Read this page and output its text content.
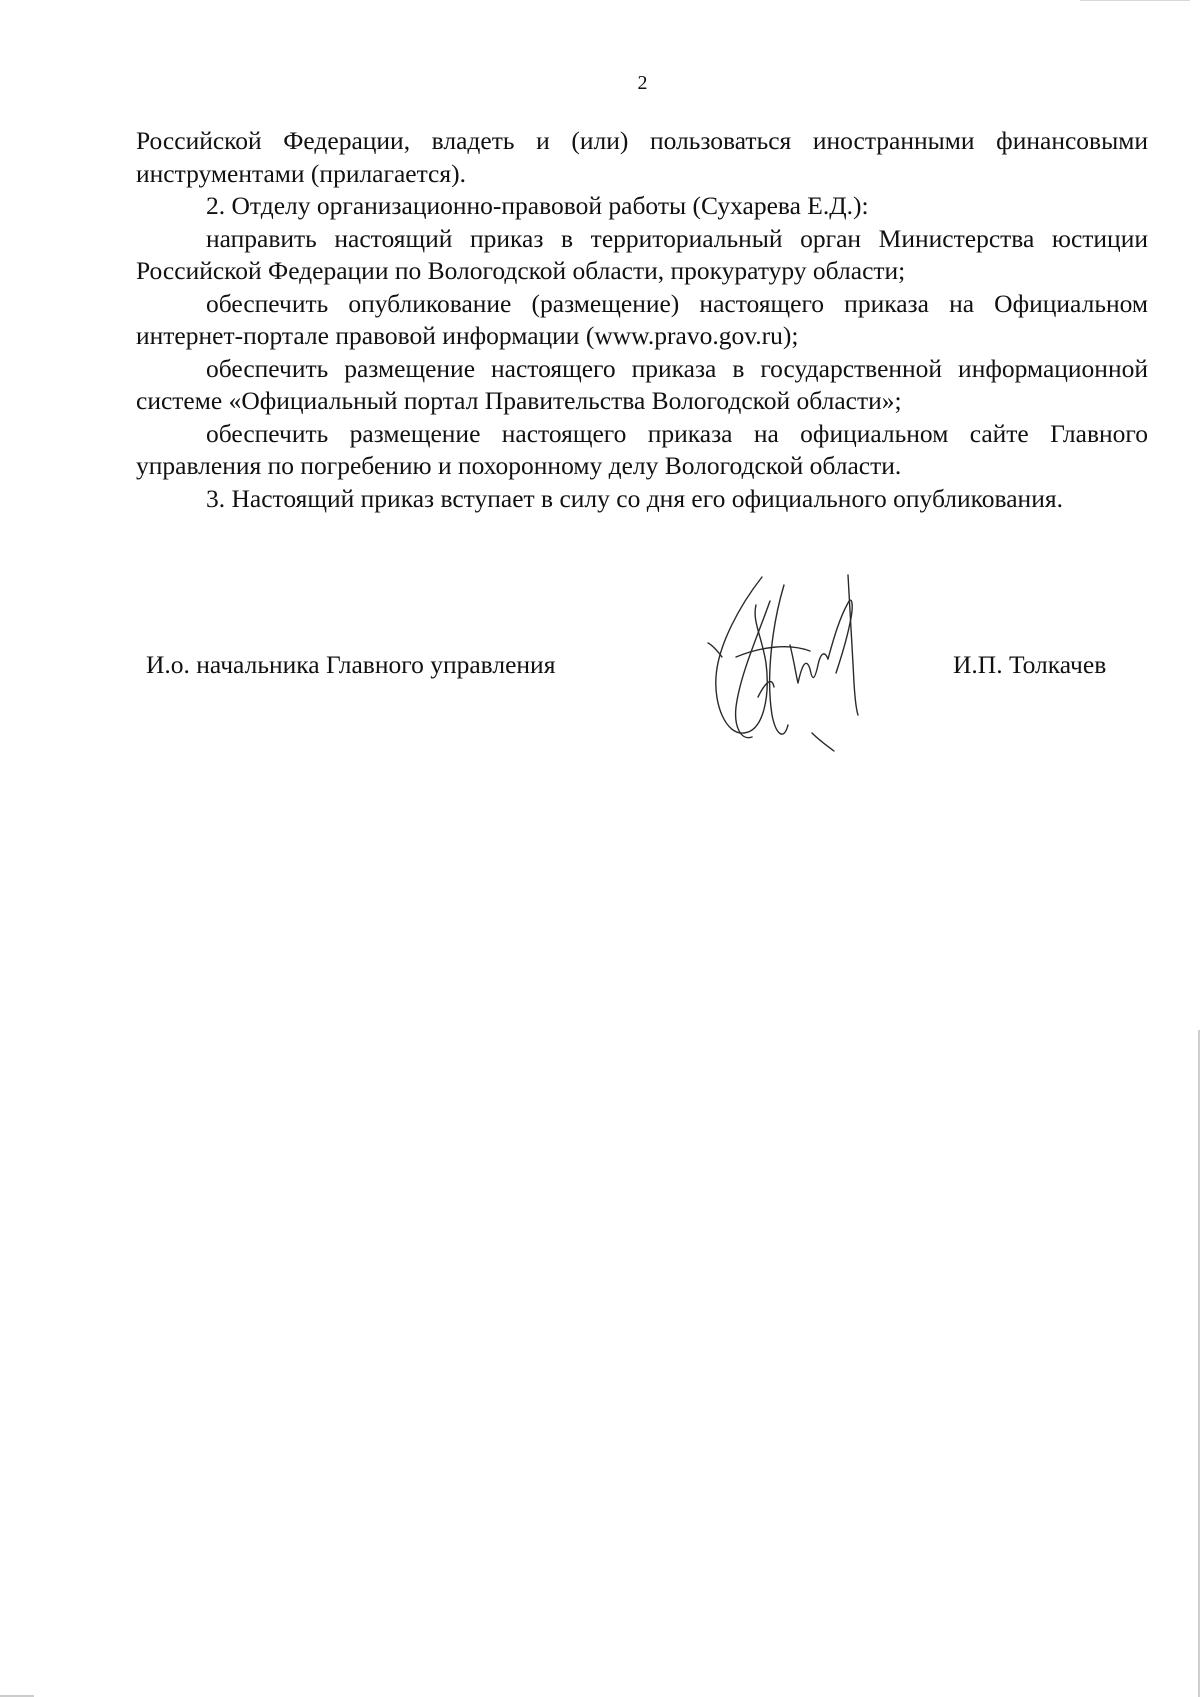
2

Российской Федерации, владеть и (или) пользоваться иностранными финансовыми инструментами (прилагается).

2. Отделу организационно-правовой работы (Сухарева Е.Д.):

направить настоящий приказ в территориальный орган Министерства юстиции Российской Федерации по Вологодской области, прокуратуру области;

обеспечить опубликование (размещение) настоящего приказа на Официальном интернет-портале правовой информации (www.pravo.gov.ru);

обеспечить размещение настоящего приказа в государственной информационной системе «Официальный портал Правительства Вологодской области»;

обеспечить размещение настоящего приказа на официальном сайте Главного управления по погребению и похоронному делу Вологодской области.

3. Настоящий приказ вступает в силу со дня его официального опубликования.

И.о. начальника Главного управления	И.П. Толкачев
